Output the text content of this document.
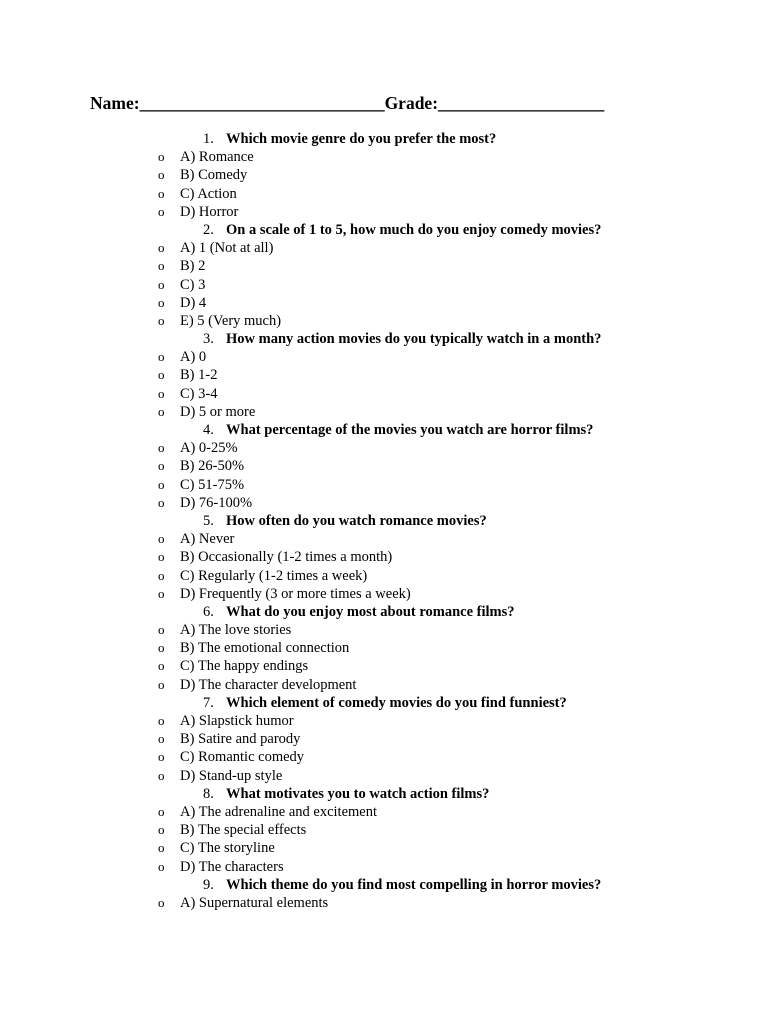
Name:____________________________Grade:___________________
1. Which movie genre do you prefer the most?
o A) Romance
o B) Comedy
o C) Action
o D) Horror
2. On a scale of 1 to 5, how much do you enjoy comedy movies?
o A) 1 (Not at all)
o B) 2
o C) 3
o D) 4
o E) 5 (Very much)
3. How many action movies do you typically watch in a month?
o A) 0
o B) 1-2
o C) 3-4
o D) 5 or more
4. What percentage of the movies you watch are horror films?
o A) 0-25%
o B) 26-50%
o C) 51-75%
o D) 76-100%
5. How often do you watch romance movies?
o A) Never
o B) Occasionally (1-2 times a month)
o C) Regularly (1-2 times a week)
o D) Frequently (3 or more times a week)
6. What do you enjoy most about romance films?
o A) The love stories
o B) The emotional connection
o C) The happy endings
o D) The character development
7. Which element of comedy movies do you find funniest?
o A) Slapstick humor
o B) Satire and parody
o C) Romantic comedy
o D) Stand-up style
8. What motivates you to watch action films?
o A) The adrenaline and excitement
o B) The special effects
o C) The storyline
o D) The characters
9. Which theme do you find most compelling in horror movies?
o A) Supernatural elements
